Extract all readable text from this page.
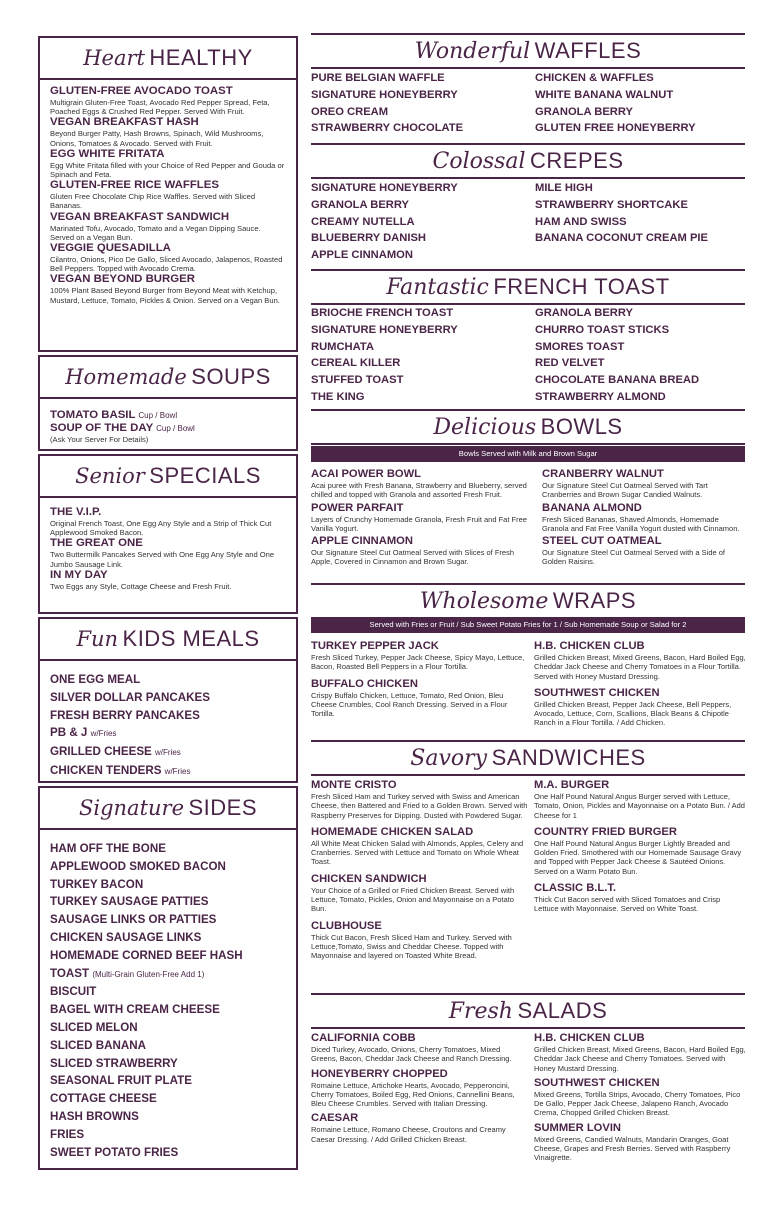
Heart HEALTHY
GLUTEN-FREE AVOCADO TOAST
Multigrain Gluten-Free Toast, Avocado Red Pepper Spread, Feta, Poached Eggs & Crushed Red Pepper. Served With Fruit.
VEGAN BREAKFAST HASH
Beyond Burger Patty, Hash Browns, Spinach, Wild Mushrooms, Onions, Tomatoes & Avocado. Served with Fruit.
EGG WHITE FRITATA
Egg White Fritata filled with your Choice of Red Pepper and Gouda or Spinach and Feta.
GLUTEN-FREE RICE WAFFLES
Gluten Free Chocolate Chip Rice Waffles. Served with Sliced Bananas.
VEGAN BREAKFAST SANDWICH
Marinated Tofu, Avocado, Tomato and a Vegan Dipping Sauce. Served on a Vegan Bun.
VEGGIE QUESADILLA
Cilantro, Onions, Pico De Gallo, Sliced Avocado, Jalapenos, Roasted Bell Peppers. Topped with Avocado Crema.
VEGAN BEYOND BURGER
100% Plant Based Beyond Burger from Beyond Meat with Ketchup, Mustard, Lettuce, Tomato, Pickles & Onion. Served on a Vegan Bun.
Homemade SOUPS
TOMATO BASIL Cup / Bowl
SOUP OF THE DAY Cup / Bowl
(Ask Your Server For Details)
Senior SPECIALS
THE V.I.P.
Original French Toast, One Egg Any Style and a Strip of Thick Cut Applewood Smoked Bacon.
THE GREAT ONE
Two Buttermilk Pancakes Served with One Egg Any Style and One Jumbo Sausage Link.
IN MY DAY
Two Eggs any Style, Cottage Cheese and Fresh Fruit.
Fun KIDS MEALS
ONE EGG MEAL
SILVER DOLLAR PANCAKES
FRESH BERRY PANCAKES
PB & J w/Fries
GRILLED CHEESE w/Fries
CHICKEN TENDERS w/Fries
Signature SIDES
HAM OFF THE BONE
APPLEWOOD SMOKED BACON
TURKEY BACON
TURKEY SAUSAGE PATTIES
SAUSAGE LINKS OR PATTIES
CHICKEN SAUSAGE LINKS
HOMEMADE CORNED BEEF HASH
TOAST (Multi-Grain Gluten-Free Add 1)
BISCUIT
BAGEL WITH CREAM CHEESE
SLICED MELON
SLICED BANANA
SLICED STRAWBERRY
SEASONAL FRUIT PLATE
COTTAGE CHEESE
HASH BROWNS
FRIES
SWEET POTATO FRIES
Wonderful WAFFLES
PURE BELGIAN WAFFLE
SIGNATURE HONEYBERRY
OREO CREAM
STRAWBERRY CHOCOLATE
CHICKEN & WAFFLES
WHITE BANANA WALNUT
GRANOLA BERRY
GLUTEN FREE HONEYBERRY
Colossal CREPES
SIGNATURE HONEYBERRY
GRANOLA BERRY
CREAMY NUTELLA
BLUEBERRY DANISH
APPLE CINNAMON
MILE HIGH
STRAWBERRY SHORTCAKE
HAM AND SWISS
BANANA COCONUT CREAM PIE
Fantastic FRENCH TOAST
BRIOCHE FRENCH TOAST
SIGNATURE HONEYBERRY
RUMCHATA
CEREAL KILLER
STUFFED TOAST
THE KING
GRANOLA BERRY
CHURRO TOAST STICKS
SMORES TOAST
RED VELVET
CHOCOLATE BANANA BREAD
STRAWBERRY ALMOND
Delicious BOWLS
Bowls Served with Milk and Brown Sugar
ACAI POWER BOWL
Acai puree with Fresh Banana, Strawberry and Blueberry, served chilled and topped with Granola and assorted Fresh Fruit.
POWER PARFAIT
Layers of Crunchy Homemade Granola, Fresh Fruit and Fat Free Vanilla Yogurt.
APPLE CINNAMON
Our Signature Steel Cut Oatmeal Served with Slices of Fresh Apple, Covered in Cinnamon and Brown Sugar.
CRANBERRY WALNUT
Our Signature Steel Cut Oatmeal Served with Tart Cranberries and Brown Sugar Candied Walnuts.
BANANA ALMOND
Fresh Sliced Bananas, Shaved Almonds, Homemade Granola and Fat Free Vanilla Yogurt dusted with Cinnamon.
STEEL CUT OATMEAL
Our Signature Steel Cut Oatmeal Served with a Side of Golden Raisins.
Wholesome WRAPS
Served with Fries or Fruit / Sub Sweet Potato Fries for 1 / Sub Homemade Soup or Salad for 2
TURKEY PEPPER JACK
Fresh Sliced Turkey, Pepper Jack Cheese, Spicy Mayo, Lettuce, Bacon, Roasted Bell Peppers in a Flour Tortilla.
BUFFALO CHICKEN
Crispy Buffalo Chicken, Lettuce, Tomato, Red Onion, Bleu Cheese Crumbles, Cool Ranch Dressing. Served in a Flour Tortilla.
H.B. CHICKEN CLUB
Grilled Chicken Breast, Mixed Greens, Bacon, Hard Boiled Egg, Cheddar Jack Cheese and Cherry Tomatoes in a Flour Tortilla. Served with Honey Mustard Dressing.
SOUTHWEST CHICKEN
Grilled Chicken Breast, Pepper Jack Cheese, Bell Peppers, Avocado, Lettuce, Corn, Scallions, Black Beans & Chipotle Ranch in a Flour Tortilla. / Add Chicken.
Savory SANDWICHES
MONTE CRISTO
Fresh Sliced Ham and Turkey served with Swiss and American Cheese, then Battered and Fried to a Golden Brown. Served with Raspberry Preserves for Dipping. Dusted with Powdered Sugar.
HOMEMADE CHICKEN SALAD
All White Meat Chicken Salad with Almonds, Apples, Celery and Cranberries. Served with Lettuce and Tomato on Whole Wheat Toast.
CHICKEN SANDWICH
Your Choice of a Grilled or Fried Chicken Breast. Served with Lettuce, Tomato, Pickles, Onion and Mayonnaise on a Potato Bun.
CLUBHOUSE
Thick Cut Bacon, Fresh Sliced Ham and Turkey. Served with Lettuce,Tomato, Swiss and Cheddar Cheese. Topped with Mayonnaise and layered on Toasted White Bread.
M.A. BURGER
One Half Pound Natural Angus Burger served with Lettuce, Tomato, Onion, Pickles and Mayonnaise on a Potato Bun. / Add Cheese for 1
COUNTRY FRIED BURGER
One Half Pound Natural Angus Burger Lightly Breaded and Golden Fried. Smothered with our Homemade Sausage Gravy and Topped with Pepper Jack Cheese & Sautéed Onions. Served on a Warm Potato Bun.
CLASSIC B.L.T.
Thick Cut Bacon served with Sliced Tomatoes and Crisp Lettuce with Mayonnaise. Served on White Toast.
Fresh SALADS
CALIFORNIA COBB
Diced Turkey, Avocado, Onions, Cherry Tomatoes, Mixed Greens, Bacon, Cheddar Jack Cheese and Ranch Dressing.
HONEYBERRY CHOPPED
Romaine Lettuce, Artichoke Hearts, Avocado, Pepperoncini, Cherry Tomatoes, Boiled Egg, Red Onions, Cannellini Beans, Bleu Cheese Crumbles. Served with Italian Dressing.
CAESAR
Romaine Lettuce, Romano Cheese, Croutons and Creamy Caesar Dressing. / Add Grilled Chicken Breast.
H.B. CHICKEN CLUB
Grilled Chicken Breast, Mixed Greens, Bacon, Hard Boiled Egg, Cheddar Jack Cheese and Cherry Tomatoes. Served with Honey Mustard Dressing.
SOUTHWEST CHICKEN
Mixed Greens, Tortilla Strips, Avocado, Cherry Tomatoes, Pico De Gallo, Pepper Jack Cheese, Jalapeno Ranch, Avocado Crema, Chopped Grilled Chicken Breast.
SUMMER LOVIN
Mixed Greens, Candied Walnuts, Mandarin Oranges, Goat Cheese, Grapes and Fresh Berries. Served with Raspberry Vinaigrette.
